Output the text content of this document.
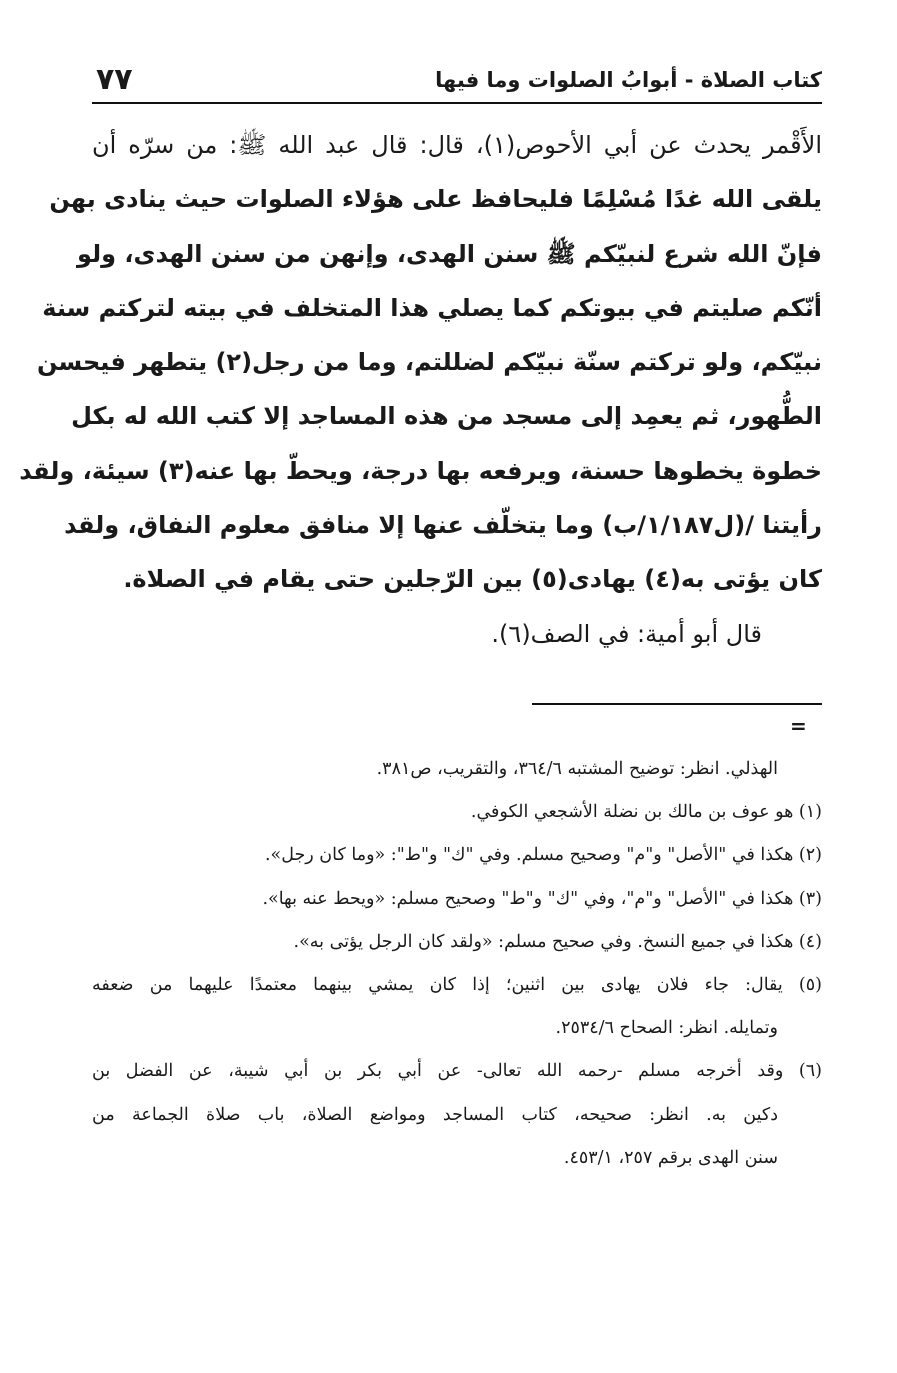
كتاب الصلاة - أبوابُ الصلوات وما فيها
٧٧
الأَقْمر يحدث عن أبي الأحوص(١)، قال: قال عبد الله ﷺ: من سرّه أن
يلقى الله غدًا مُسْلِمًا فليحافظ على هؤلاء الصلوات حيث ينادى بهن
فإنّ الله شرع لنبيّكم ﷺ سنن الهدى، وإنهن من سنن الهدى، ولو
أنّكم صليتم في بيوتكم كما يصلي هذا المتخلف في بيته لتركتم سنة
نبيّكم، ولو تركتم سنّة نبيّكم لضللتم، وما من رجل(٢) يتطهر فيحسن
الطُّهور، ثم يعمِد إلى مسجد من هذه المساجد إلا كتب الله له بكل
خطوة يخطوها حسنة، ويرفعه بها درجة، ويحطّ بها عنه(٣) سيئة، ولقد
رأيتنا /(ل١/١٨٧/ب) وما يتخلّف عنها إلا منافق معلوم النفاق، ولقد
كان يؤتى به(٤) يهادى(٥) بين الرّجلين حتى يقام في الصلاة.
قال أبو أمية: في الصف(٦).
=
الهذلي. انظر: توضيح المشتبه ٣٦٤/٦، والتقريب، ص٣٨١.
(١) هو عوف بن مالك بن نضلة الأشجعي الكوفي.
(٢) هكذا في "الأصل" و"م" وصحيح مسلم. وفي "ك" و"ط": «وما كان رجل».
(٣) هكذا في "الأصل" و"م"، وفي "ك" و"ط" وصحيح مسلم: «ويحط عنه بها».
(٤) هكذا في جميع النسخ. وفي صحيح مسلم: «ولقد كان الرجل يؤتى به».
(٥) يقال: جاء فلان يهادى بين اثنين؛ إذا كان يمشي بينهما معتمدًا عليهما من ضعفه
وتمايله. انظر: الصحاح ٢٥٣٤/٦.
(٦) وقد أخرجه مسلم -رحمه الله تعالى- عن أبي بكر بن أبي شيبة، عن الفضل بن
دكين به. انظر: صحيحه، كتاب المساجد ومواضع الصلاة، باب صلاة الجماعة من
سنن الهدى برقم ٢٥٧، ٤٥٣/١.
